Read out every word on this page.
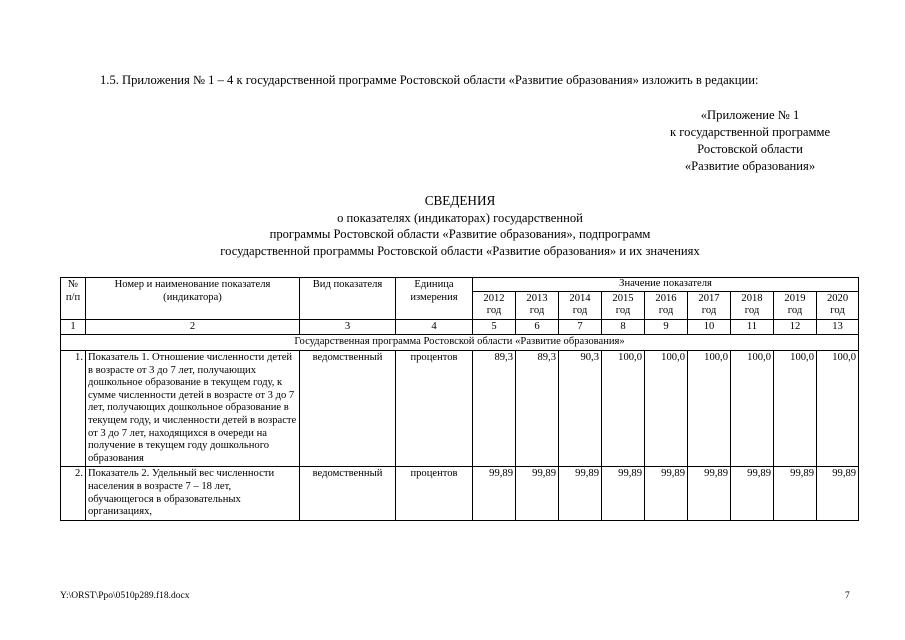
1.5. Приложения № 1 – 4 к государственной программе Ростовской области «Развитие образования» изложить в редакции:
«Приложение № 1
к государственной программе
Ростовской области
«Развитие образования»
СВЕДЕНИЯ
о показателях (индикаторах) государственной
программы Ростовской области «Развитие образования», подпрограмм
государственной программы Ростовской области «Развитие образования» и их значениях
№ п/п	Номер и наименование показателя (индикатора)	Вид показателя	Единица измерения	Значение показателя								
				2012 год	2013 год	2014 год	2015 год	2016 год	2017 год	2018 год	2019 год	2020 год
1	2	3	4	5	6	7	8	9	10	11	12	13
Государственная программа Ростовской области «Развитие образования»												
1.	Показатель 1. Отношение численности детей в возрасте от 3 до 7 лет, получающих дошкольное образование в текущем году, к сумме численности детей в возрасте от 3 до 7 лет, получающих дошкольное образование в текущем году, и численности детей в возрасте от 3 до 7 лет, находящихся в очереди на получение в текущем году дошкольного образования	ведомственный	процентов	89,3	89,3	90,3	100,0	100,0	100,0	100,0	100,0	100,0
2.	Показатель 2. Удельный вес численности населения в возрасте 7 – 18 лет, обучающегося в образовательных организациях,	ведомственный	процентов	99,89	99,89	99,89	99,89	99,89	99,89	99,89	99,89	99,89
Y:\ORST\Ppo\0510p289.f18.docx	7
